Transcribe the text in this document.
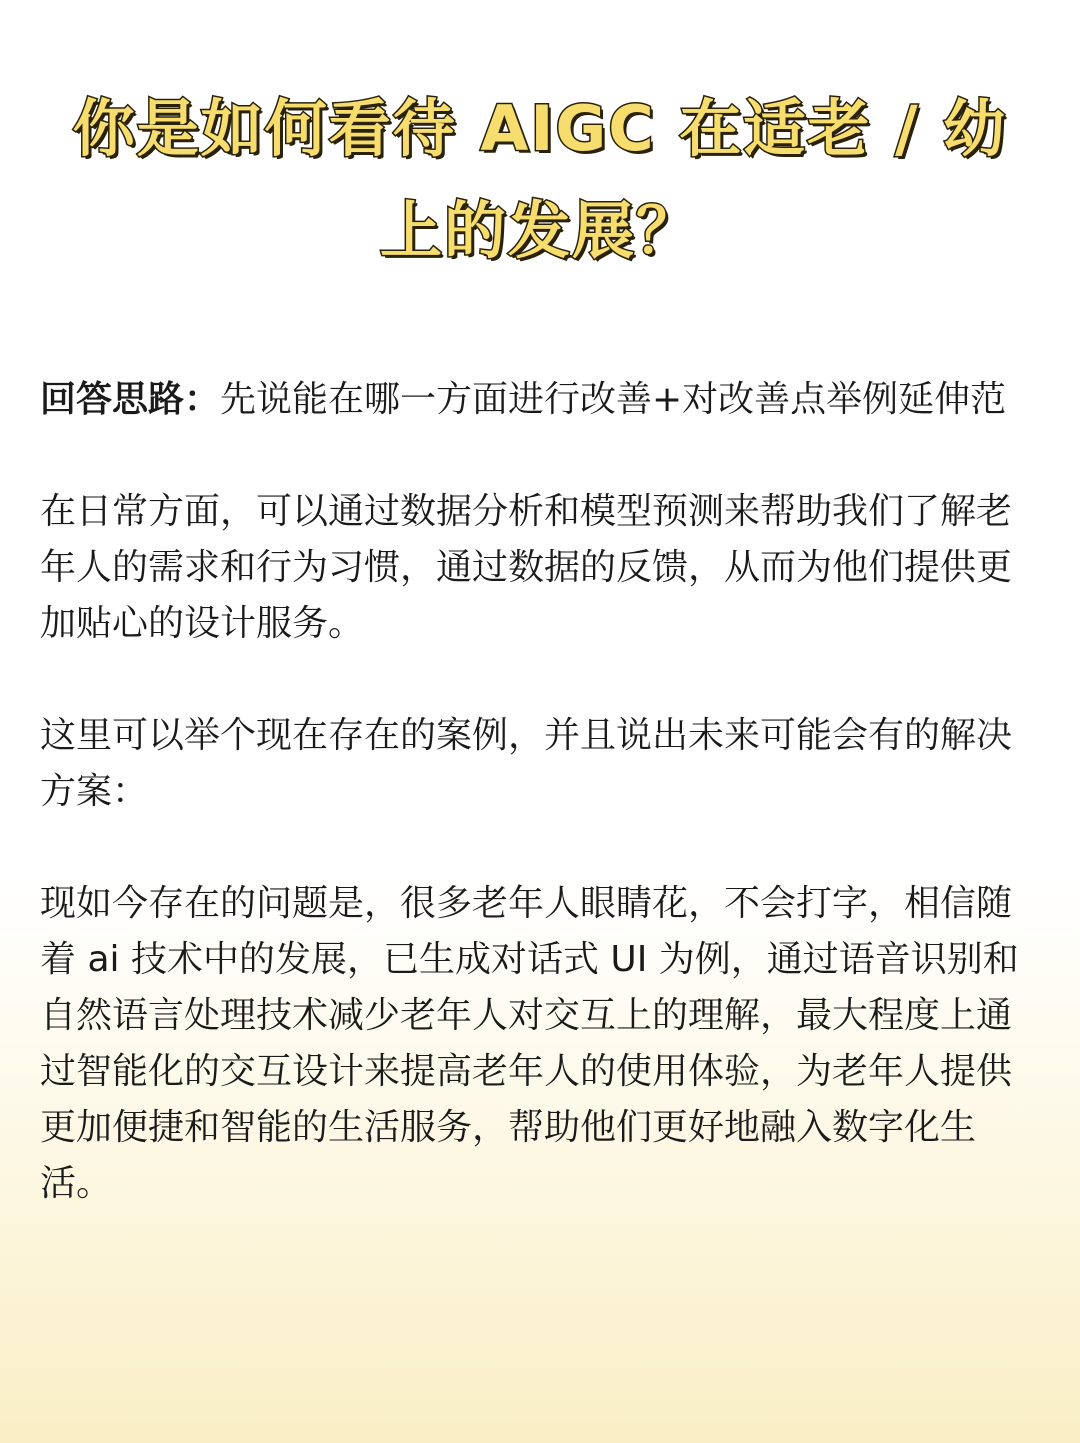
你是如何看待 AIGC 在适老 / 幼
上的发展？

回答思路：先说能在哪一方面进行改善+对改善点举例延伸范

在日常方面，可以通过数据分析和模型预测来帮助我们了解老年人的需求和行为习惯，通过数据的反馈，从而为他们提供更加贴心的设计服务。

这里可以举个现在存在的案例，并且说出未来可能会有的解决方案：

现如今存在的问题是，很多老年人眼睛花，不会打字，相信随着 ai 技术中的发展，已生成对话式 UI 为例，通过语音识别和自然语言处理技术减少老年人对交互上的理解，最大程度上通过智能化的交互设计来提高老年人的使用体验，为老年人提供更加便捷和智能的生活服务，帮助他们更好地融入数字化生活。
